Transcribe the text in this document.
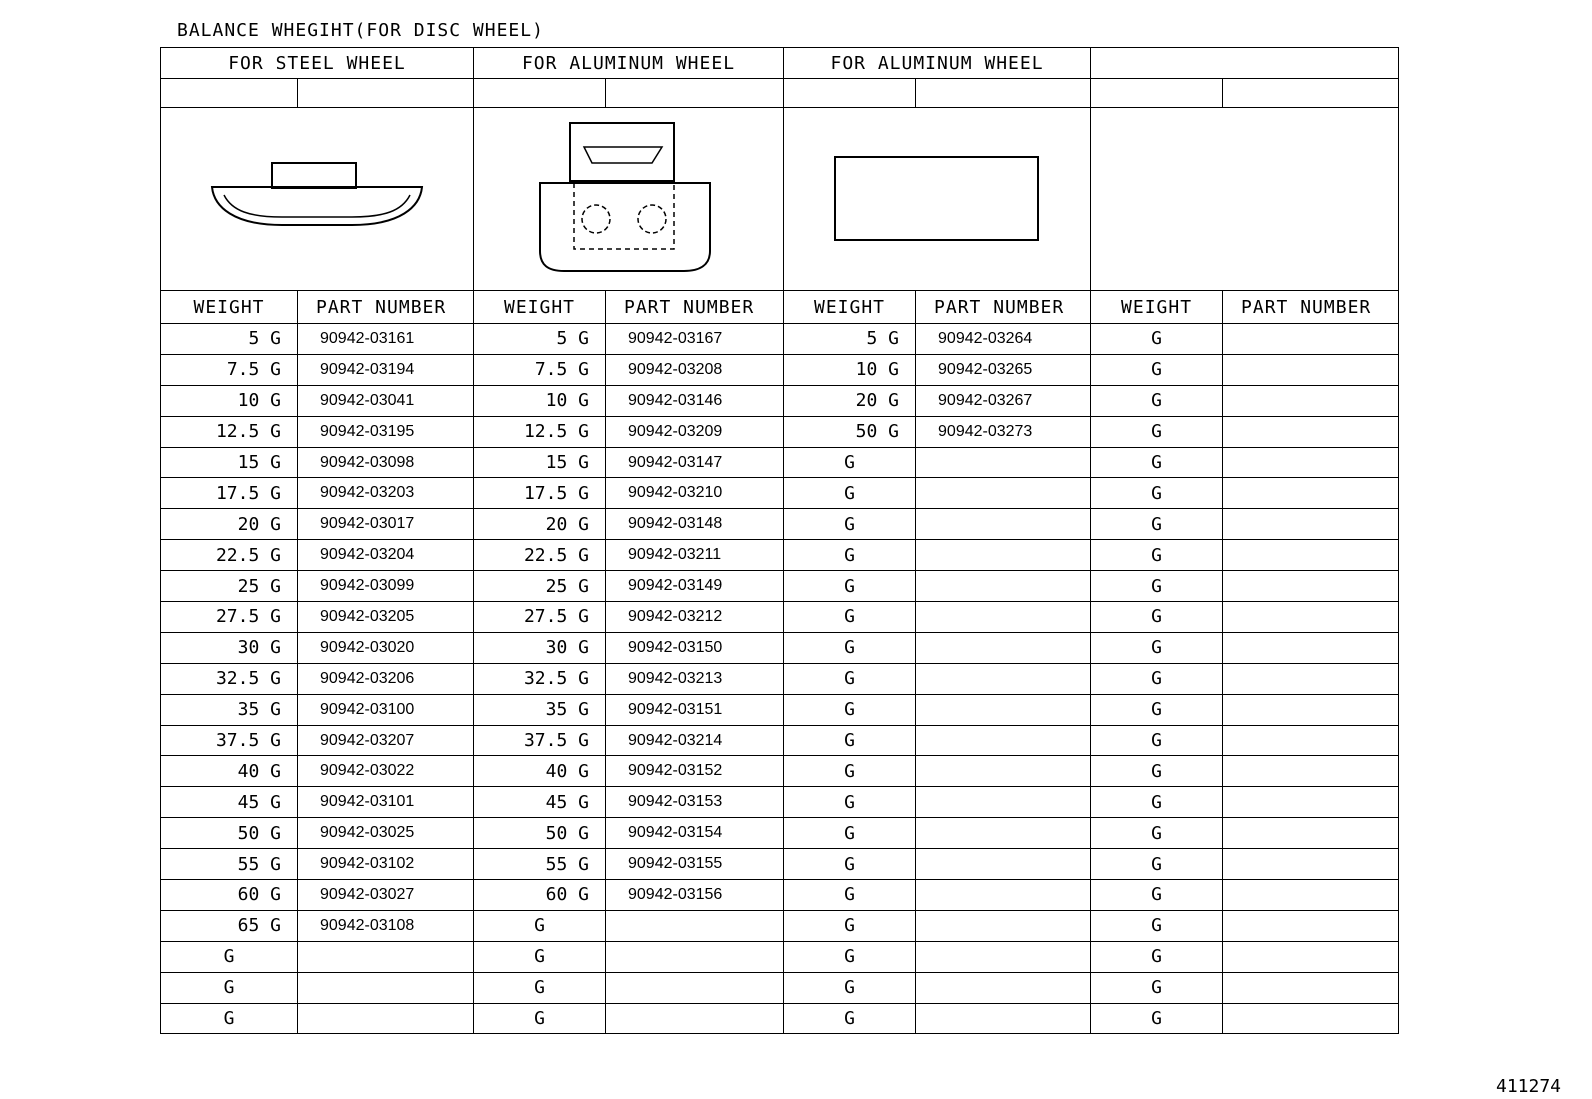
BALANCE WHEGIHT(FOR DISC WHEEL)
FOR STEEL WHEEL		FOR ALUMINUM WHEEL		FOR ALUMINUM WHEEL			

WEIGHT	PART NUMBER	WEIGHT	PART NUMBER	WEIGHT	PART NUMBER	WEIGHT	PART NUMBER
5 G	90942-03161	5 G	90942-03167	5 G	90942-03264	G	
7.5 G	90942-03194	7.5 G	90942-03208	10 G	90942-03265	G	
10 G	90942-03041	10 G	90942-03146	20 G	90942-03267	G	
12.5 G	90942-03195	12.5 G	90942-03209	50 G	90942-03273	G	
15 G	90942-03098	15 G	90942-03147	G		G	
17.5 G	90942-03203	17.5 G	90942-03210	G		G	
20 G	90942-03017	20 G	90942-03148	G		G	
22.5 G	90942-03204	22.5 G	90942-03211	G		G	
25 G	90942-03099	25 G	90942-03149	G		G	
27.5 G	90942-03205	27.5 G	90942-03212	G		G	
30 G	90942-03020	30 G	90942-03150	G		G	
32.5 G	90942-03206	32.5 G	90942-03213	G		G	
35 G	90942-03100	35 G	90942-03151	G		G	
37.5 G	90942-03207	37.5 G	90942-03214	G		G	
40 G	90942-03022	40 G	90942-03152	G		G	
45 G	90942-03101	45 G	90942-03153	G		G	
50 G	90942-03025	50 G	90942-03154	G		G	
55 G	90942-03102	55 G	90942-03155	G		G	
60 G	90942-03027	60 G	90942-03156	G		G	
65 G	90942-03108	G		G		G	
G		G		G		G	
G		G		G		G	
G		G		G		G	
411274
